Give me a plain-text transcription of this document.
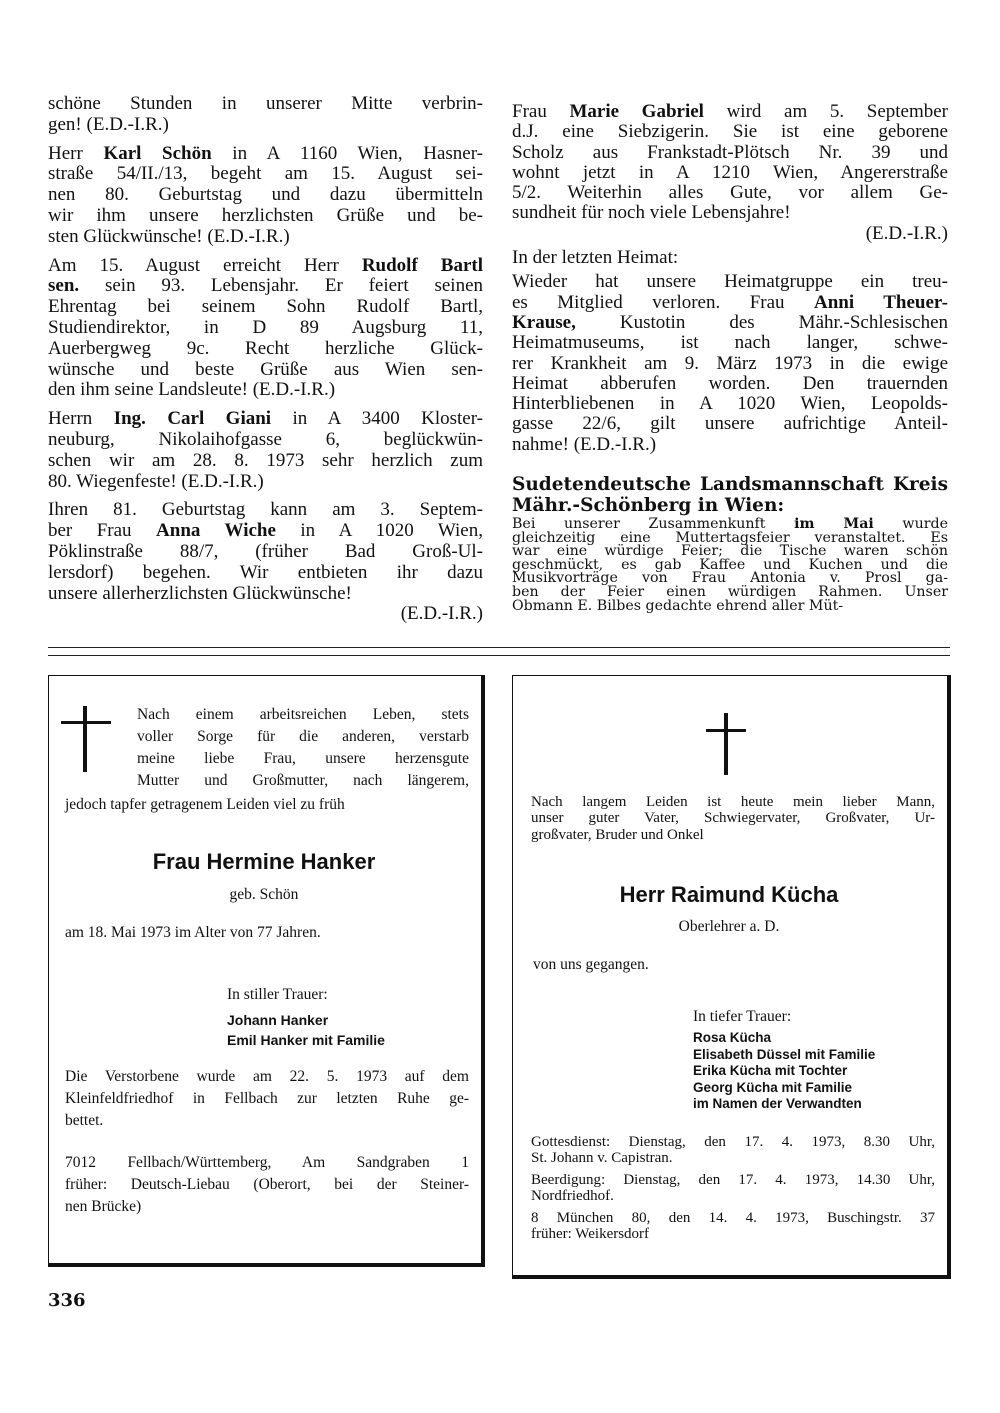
schöne Stunden in unserer Mitte verbrin-
gen! (E.D.-I.R.)
Herr Karl Schön in A 1160 Wien, Hasner-
straße 54/II./13, begeht am 15. August sei-
nen 80. Geburtstag und dazu übermitteln
wir ihm unsere herzlichsten Grüße und be-
sten Glückwünsche! (E.D.-I.R.)
Am 15. August erreicht Herr Rudolf Bartl
sen. sein 93. Lebensjahr. Er feiert seinen
Ehrentag bei seinem Sohn Rudolf Bartl,
Studiendirektor, in D 89 Augsburg 11,
Auerbergweg 9c. Recht herzliche Glück-
wünsche und beste Grüße aus Wien sen-
den ihm seine Landsleute! (E.D.-I.R.)
Herrn Ing. Carl Giani in A 3400 Kloster-
neuburg, Nikolaihofgasse 6, beglückwün-
schen wir am 28. 8. 1973 sehr herzlich zum
80. Wiegenfeste! (E.D.-I.R.)
Ihren 81. Geburtstag kann am 3. Septem-
ber Frau Anna Wiche in A 1020 Wien,
Pöklinstraße 88/7, (früher Bad Groß-Ul-
lersdorf) begehen. Wir entbieten ihr dazu
unsere allerherzlichsten Glückwünsche!
(E.D.-I.R.)
Frau Marie Gabriel wird am 5. September
d.J. eine Siebzigerin. Sie ist eine geborene
Scholz aus Frankstadt-Plötsch Nr. 39 und
wohnt jetzt in A 1210 Wien, Angererstraße
5/2. Weiterhin alles Gute, vor allem Ge-
sundheit für noch viele Lebensjahre!
(E.D.-I.R.)
In der letzten Heimat:
Wieder hat unsere Heimatgruppe ein treu-
es Mitglied verloren. Frau Anni Theuer-
Krause, Kustotin des Mähr.-Schlesischen
Heimatmuseums, ist nach langer, schwe-
rer Krankheit am 9. März 1973 in die ewige
Heimat abberufen worden. Den trauernden
Hinterbliebenen in A 1020 Wien, Leopolds-
gasse 22/6, gilt unsere aufrichtige Anteil-
nahme! (E.D.-I.R.)
Sudetendeutsche Landsmannschaft Kreis
Mähr.-Schönberg in Wien:
Bei unserer Zusammenkunft im Mai wurde
gleichzeitig eine Muttertagsfeier veranstaltet. Es
war eine würdige Feier; die Tische waren schön
geschmückt, es gab Kaffee und Kuchen und die
Musikvorträge von Frau Antonia v. Prosl ga-
ben der Feier einen würdigen Rahmen. Unser
Obmann E. Bilbes gedachte ehrend aller Müt-
Nach einem arbeitsreichen Leben, stets
voller Sorge für die anderen, verstarb
meine liebe Frau, unsere herzensgute
Mutter und Großmutter, nach längerem,
jedoch tapfer getragenem Leiden viel zu früh
Frau Hermine Hanker
geb. Schön
am 18. Mai 1973 im Alter von 77 Jahren.
In stiller Trauer:
Johann Hanker
Emil Hanker mit Familie
Die Verstorbene wurde am 22. 5. 1973 auf dem
Kleinfeldfriedhof in Fellbach zur letzten Ruhe ge-
bettet.
7012 Fellbach/Württemberg, Am Sandgraben 1
früher: Deutsch-Liebau (Oberort, bei der Steiner-
nen Brücke)
Nach langem Leiden ist heute mein lieber Mann,
unser guter Vater, Schwiegervater, Großvater, Ur-
großvater, Bruder und Onkel
Herr Raimund Kücha
Oberlehrer a. D.
von uns gegangen.
In tiefer Trauer:
Rosa Kücha
Elisabeth Düssel mit Familie
Erika Kücha mit Tochter
Georg Kücha mit Familie
im Namen der Verwandten
Gottesdienst: Dienstag, den 17. 4. 1973, 8.30 Uhr,
St. Johann v. Capistran.
Beerdigung: Dienstag, den 17. 4. 1973, 14.30 Uhr,
Nordfriedhof.
8 München 80, den 14. 4. 1973, Buschingstr. 37
früher: Weikersdorf
336
